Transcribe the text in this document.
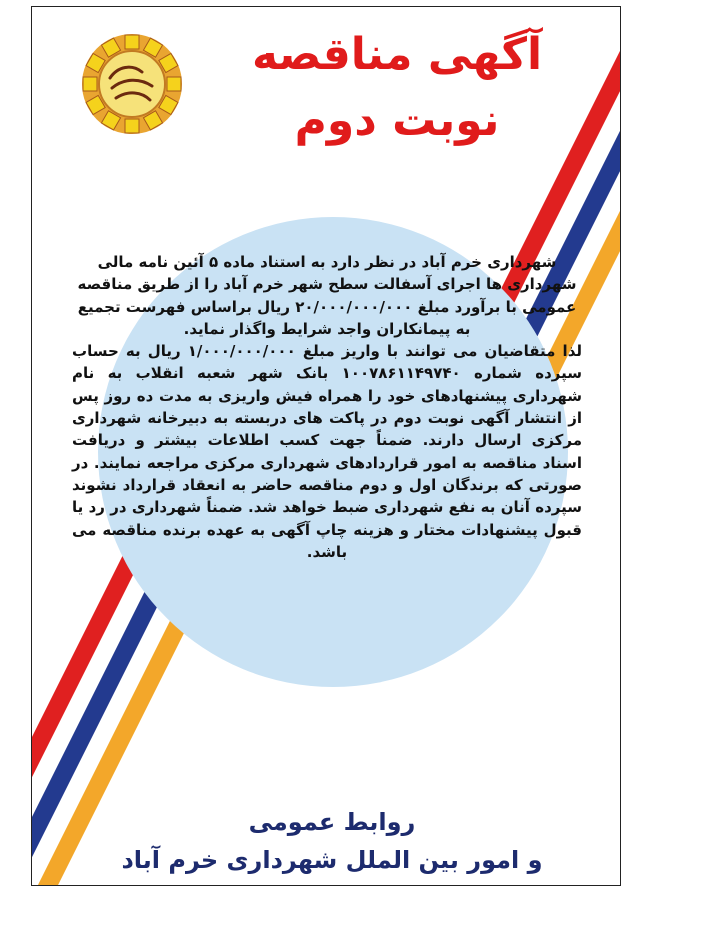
آگهی مناقصه
نوبت دوم

شهرداری خرم آباد در نظر دارد به استناد ماده ۵ آئین نامه مالی شهرداری ها اجرای آسفالت سطح شهر خرم آباد را از طریق مناقصه عمومی با برآورد مبلغ ۲۰/۰۰۰/۰۰۰/۰۰۰ ریال براساس فهرست تجمیع به پیمانکاران واجد شرایط واگذار نماید.

لذا متقاضیان می توانند با واریز مبلغ ۱/۰۰۰/۰۰۰/۰۰۰ ریال به حساب سپرده شماره ۱۰۰۷۸۶۱۱۴۹۷۴۰ بانک شهر شعبه انقلاب به نام شهرداری پیشنهادهای خود را همراه فیش واریزی به مدت ده روز پس از انتشار آگهی نوبت دوم در پاکت های دربسته به دبیرخانه شهرداری مرکزی ارسال دارند. ضمناً جهت کسب اطلاعات بیشتر و دریافت اسناد مناقصه به امور قراردادهای شهرداری مرکزی مراجعه نمایند. در صورتی که برندگان اول و دوم مناقصه حاضر به انعقاد قرارداد نشوند سپرده آنان به نفع شهرداری ضبط خواهد شد. ضمناً شهرداری در رد یا قبول پیشنهادات مختار و هزینه چاپ آگهی به عهده برنده مناقصه می باشد.

روابط عمومی
و امور بین الملل شهرداری خرم آباد
